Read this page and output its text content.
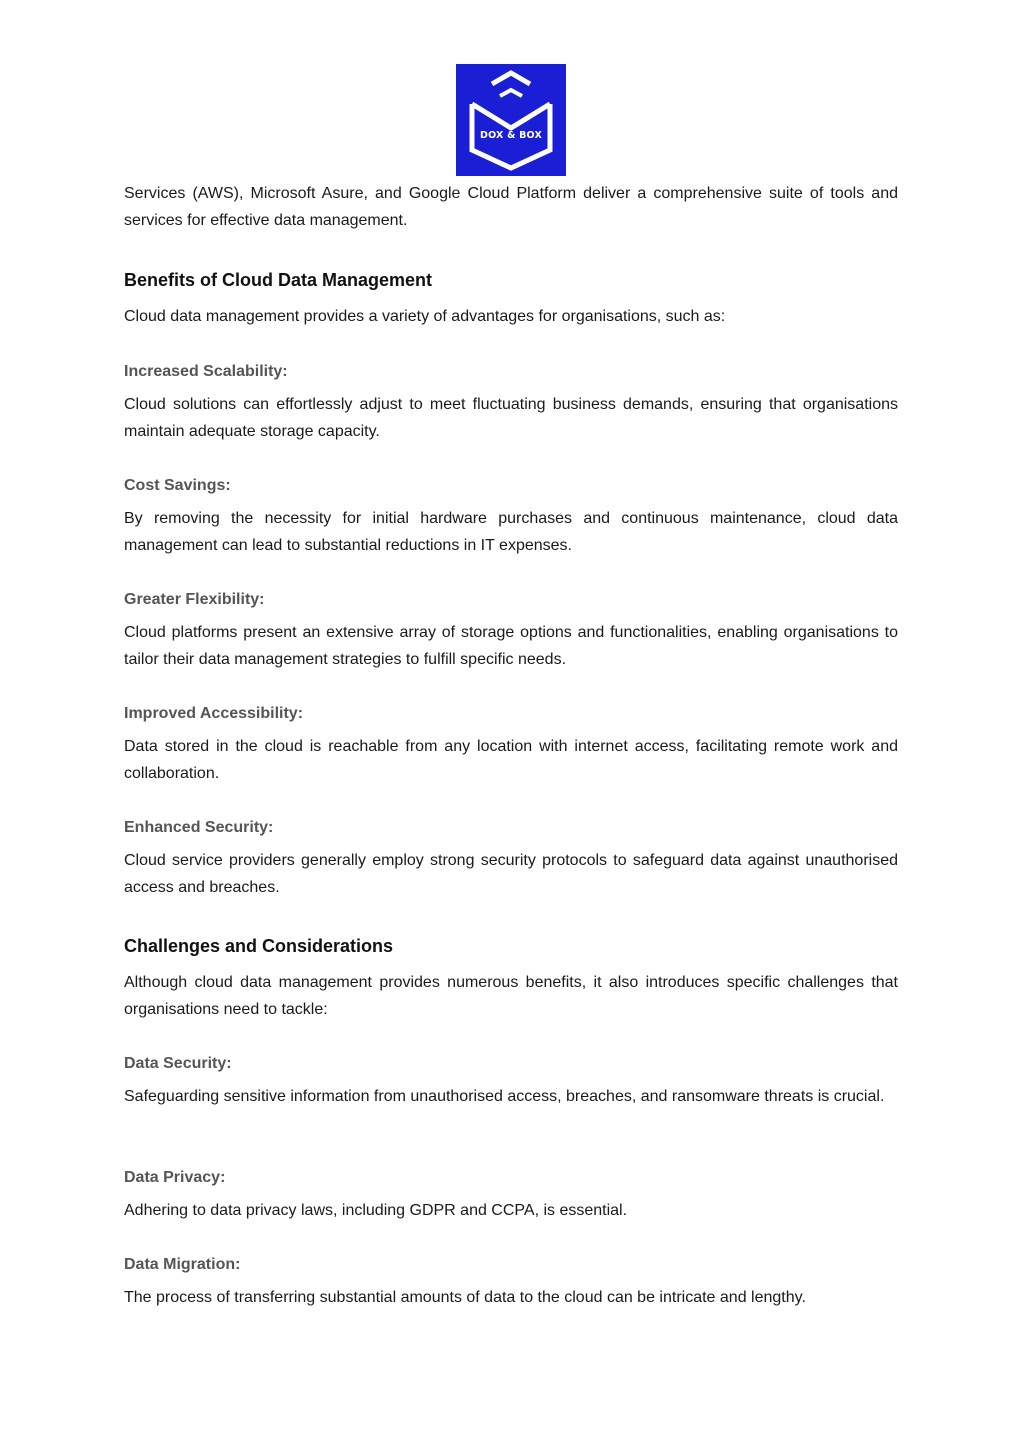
DOX & BOX

Services (AWS), Microsoft Asure, and Google Cloud Platform deliver a comprehensive suite of tools and services for effective data management.

Benefits of Cloud Data Management

Cloud data management provides a variety of advantages for organisations, such as:

Increased Scalability:

Cloud solutions can effortlessly adjust to meet fluctuating business demands, ensuring that organisations maintain adequate storage capacity.

Cost Savings:

By removing the necessity for initial hardware purchases and continuous maintenance, cloud data management can lead to substantial reductions in IT expenses.

Greater Flexibility:

Cloud platforms present an extensive array of storage options and functionalities, enabling organisations to tailor their data management strategies to fulfill specific needs.

Improved Accessibility:

Data stored in the cloud is reachable from any location with internet access, facilitating remote work and collaboration.

Enhanced Security:

Cloud service providers generally employ strong security protocols to safeguard data against unauthorised access and breaches.

Challenges and Considerations

Although cloud data management provides numerous benefits, it also introduces specific challenges that organisations need to tackle:

Data Security:

Safeguarding sensitive information from unauthorised access, breaches, and ransomware threats is crucial.

Data Privacy:

Adhering to data privacy laws, including GDPR and CCPA, is essential.

Data Migration:

The process of transferring substantial amounts of data to the cloud can be intricate and lengthy.
